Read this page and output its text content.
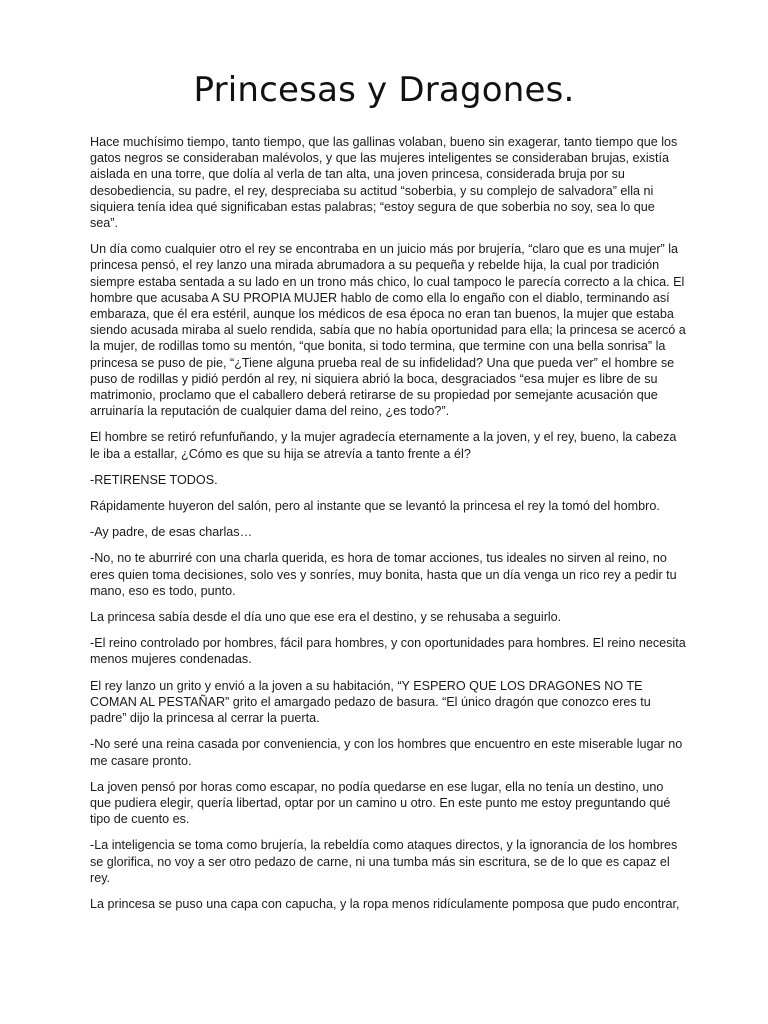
Princesas y Dragones.

Hace muchísimo tiempo, tanto tiempo, que las gallinas volaban, bueno sin exagerar, tanto tiempo que los gatos negros se consideraban malévolos, y que las mujeres inteligentes se consideraban brujas, existía aislada en una torre, que dolía al verla de tan alta, una joven princesa, considerada bruja por su desobediencia, su padre, el rey, despreciaba su actitud “soberbia, y su complejo de salvadora” ella ni siquiera tenía idea qué significaban estas palabras; “estoy segura de que soberbia no soy, sea lo que sea”.

Un día como cualquier otro el rey se encontraba en un juicio más por brujería, “claro que es una mujer” la princesa pensó, el rey lanzo una mirada abrumadora a su pequeña y rebelde hija, la cual por tradición siempre estaba sentada a su lado en un trono más chico, lo cual tampoco le parecía correcto a la chica. El hombre que acusaba A SU PROPIA MUJER hablo de como ella lo engaño con el diablo, terminando así embaraza, que él era estéril, aunque los médicos de esa época no eran tan buenos, la mujer que estaba siendo acusada miraba al suelo rendida, sabía que no había oportunidad para ella; la princesa se acercó a la mujer, de rodillas tomo su mentón, “que bonita, si todo termina, que termine con una bella sonrisa” la princesa se puso de pie, “¿Tiene alguna prueba real de su infidelidad? Una que pueda ver” el hombre se puso de rodillas y pidió perdón al rey, ni siquiera abrió la boca, desgraciados “esa mujer es libre de su matrimonio, proclamo que el caballero deberá retirarse de su propiedad por semejante acusación que arruinaría la reputación de cualquier dama del reino, ¿es todo?”.

El hombre se retiró refunfuñando, y la mujer agradecía eternamente a la joven, y el rey, bueno, la cabeza le iba a estallar, ¿Cómo es que su hija se atrevía a tanto frente a él?

-RETIRENSE TODOS.

Rápidamente huyeron del salón, pero al instante que se levantó la princesa el rey la tomó del hombro.

-Ay padre, de esas charlas…

-No, no te aburriré con una charla querida, es hora de tomar acciones, tus ideales no sirven al reino, no eres quien toma decisiones, solo ves y sonríes, muy bonita, hasta que un día venga un rico rey a pedir tu mano, eso es todo, punto.

La princesa sabía desde el día uno que ese era el destino, y se rehusaba a seguirlo.

-El reino controlado por hombres, fácil para hombres, y con oportunidades para hombres. El reino necesita menos mujeres condenadas.

El rey lanzo un grito y envió a la joven a su habitación, “Y ESPERO QUE LOS DRAGONES NO TE COMAN AL PESTAÑAR” grito el amargado pedazo de basura. “El único dragón que conozco eres tu padre” dijo la princesa al cerrar la puerta.

-No seré una reina casada por conveniencia, y con los hombres que encuentro en este miserable lugar no me casare pronto.

La joven pensó por horas como escapar, no podía quedarse en ese lugar, ella no tenía un destino, uno que pudiera elegir, quería libertad, optar por un camino u otro. En este punto me estoy preguntando qué tipo de cuento es.

-La inteligencia se toma como brujería, la rebeldía como ataques directos, y la ignorancia de los hombres se glorifica, no voy a ser otro pedazo de carne, ni una tumba más sin escritura, se de lo que es capaz el rey.

La princesa se puso una capa con capucha, y la ropa menos ridículamente pomposa que pudo encontrar,
